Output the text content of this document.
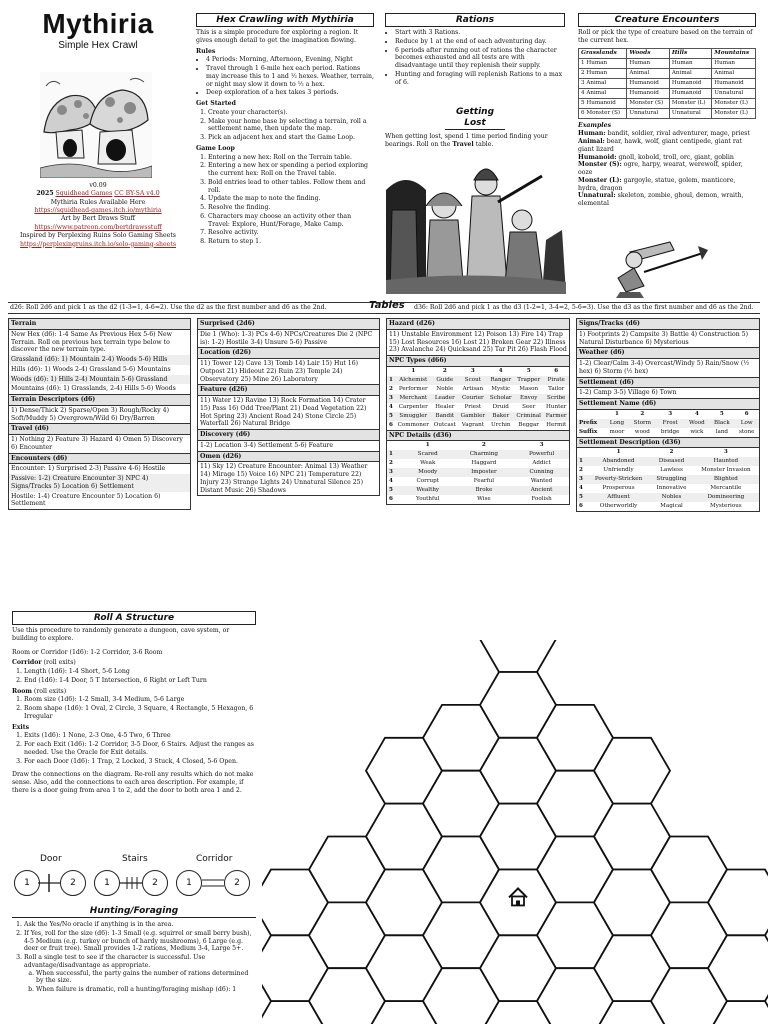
Mythiria
Simple Hex Crawl
v0.09
2025 Squidhead Games CC BY-SA v4.0
Mythiria Rules Available Here
https://squidhead-games.itch.io/mythiria
Art by Bert Draws Stuff
https://www.patreon.com/bertdrawsstuff
Inspired by Perplexing Ruins Solo Gaming Sheets
https://perplexingruins.itch.io/solo-gaming-sheets
Hex Crawling with Mythiria

This is a simple procedure for exploring a region. It gives enough detail to get the imagination flowing.

Rules
• 4 Periods: Morning, Afternoon, Evening, Night
• Travel through 1 6-mile hex each period. Rations may increase this to 1 and ½ hexes. Weather, terrain, or night may slow it down to ½ a hex.
• Deep exploration of a hex takes 3 periods.
Get Started
1. Create your character(s).
2. Make your home base by selecting a terrain, roll a settlement name, then update the map.
3. Pick an adjacent hex and start the Game Loop.
Game Loop
1. Entering a new hex: Roll on the Terrain table.
2. Entering a new hex or spending a period exploring the current hex: Roll on the Travel table.
3. Bold entries lead to other tables. Follow them and roll.
4. Update the map to note the finding.
5. Resolve the finding.
6. Characters may choose an activity other than Travel: Explore, Hunt/Forage, Make Camp.
7. Resolve activity.
8. Return to step 1.
Rations
• Start with 3 Rations.
• Reduce by 1 at the end of each adventuring day.
• 6 periods after running out of rations the character becomes exhausted and all tests are with disadvantage until they replenish their supply.
• Hunting and foraging will replenish Rations to a max of 6.
Getting Lost

When getting lost, spend 1 time period finding your bearings. Roll on the Travel table.

Creature Encounters

Roll or pick the type of creature based on the terrain of the current hex.

Grasslands	Woods	Hills	Mountains
1 Human	Human	Human	Human
2 Human	Animal	Animal	Animal
3 Animal	Humanoid	Humanoid	Humanoid
4 Animal	Humanoid	Humanoid	Unnatural
5 Humanoid	Monster (S)	Monster (L)	Monster (L)
6 Monster (S)	Unnatural	Unnatural	Monster (L)
Examples
Human: bandit, soldier, rival adventurer, mage, priest
Animal: bear, hawk, wolf, giant centipede, giant rat giant lizard
Humanoid: gnoll, kobold, troll, orc, giant, goblin
Monster (S): ogre, harpy, wearat, werewolf, spider, ooze
Monster (L): gargoyle, statue, golem, manticore, hydra, dragon
Unnatural: skeleton, zombie, ghoul, demon, wraith, elemental
d26: Roll 2d6 and pick 1 as the d2 (1-3=1, 4-6=2). Use the d2 as the first number and d6 as the 2nd.	Tables d36: Roll 2d6 and pick 1 as the d3 (1-2=1, 3-4=2, 5-6=3). Use the d3 as the first number and d6 as the 2nd.
Terrain
New Hex (d6): 1-4 Same As Previous Hex 5-6) New Terrain. Roll on previous hex terrain type below to discover the new terrain type.
Grassland (d6): 1) Mountain 2-4) Woods 5-6) Hills
Hills (d6): 1) Woods 2-4) Grassland 5-6) Mountains
Woods (d6): 1) Hills 2-4) Mountain 5-6) Grassland
Mountains (d6): 1) Grasslands, 2-4) Hills 5-6) Woods
Terrain Descriptors (d6)
1) Dense/Thick 2) Sparse/Open 3) Rough/Rocky 4) Soft/Muddy 5) Overgrown/Wild 6) Dry/Barren
Travel (d6)
1) Nothing 2) Feature 3) Hazard 4) Omen 5) Discovery 6) Encounter
Encounters (d6)
Encounter: 1) Surprised 2-3) Passive 4-6) Hostile
Passive: 1-2) Creature Encounter 3) NPC 4) Signs/Tracks 5) Location 6) Settlement
Hostile: 1-4) Creature Encounter 5) Location 6) Settlement
Surprised (2d6)
Die 1 (Who): 1-3) PCs 4-6) NPCs/Creatures Die 2 (NPC is): 1-2) Hostile 3-4) Unsure 5-6) Passive
Location (d26)
11) Tower 12) Cave 13) Tomb 14) Lair 15) Hut 16) Outpost 21) Hideout 22) Ruin 23) Temple 24) Observatory 25) Mine 26) Laboratory
Feature (d26)
11) Water 12) Ravine 13) Rock Formation 14) Crater 15) Pass 16) Odd Tree/Plant 21) Dead Vegetation 22) Hot Spring 23) Ancient Road 24) Stone Circle 25) Waterfall 26) Natural Bridge
Discovery (d6)
1-2) Location 3-4) Settlement 5-6) Feature
Omen (d26)
11) Sky 12) Creature Encounter: Animal 13) Weather 14) Mirage 15) Voice 16) NPC 21) Temperature 22) Injury 23) Strange Lights 24) Unnatural Silence 25) Distant Music 26) Shadows
Hazard (d26)
11) Unstable Environment 12) Poison 13) Fire 14) Trap 15) Lost Resources 16) Lost 21) Broken Gear 22) Illness 23) Avalanche 24) Quicksand 25) Tar Pit 26) Flash Flood
NPC Types (d66)
	1	2	3	4	5	6
1	Alchemist	Guide	Scout	Ranger	Trapper	Pirate
2	Performer	Noble	Artisan	Mystic	Mason	Tailor
3	Merchant	Leader	Courier	Scholar	Envoy	Scribe
4	Carpenter	Healer	Priest	Druid	Seer	Hunter
5	Smuggler	Bandit	Gambler	Baker	Criminal	Farmer
6	Commoner	Outcast	Vagrant	Urchin	Beggar	Hermit
NPC Details (d36)
	1	2	3
1	Scared	Charming	Powerful
2	Weak	Haggard	Addict
3	Moody	Imposter	Cunning
4	Corrupt	Fearful	Wanted
5	Wealthy	Broke	Ancient
6	Youthful	Wise	Foolish
Signs/Tracks (d6)
1) Footprints 2) Campsite 3) Battle 4) Construction 5) Natural Disturbance 6) Mysterious
Weather (d6)
1-2) Clear/Calm 3-4) Overcast/Windy 5) Rain/Snow (½ hex) 6) Storm (½ hex)
Settlement (d6)
1-2) Camp 3-5) Village 6) Town
Settlement Name (d6)
	1	2	3	4	5	6
Prefix	Long	Storm	Frost	Wood	Black	Low
Suffix	moor	wood	bridge	wick	land	stone
Settlement Description (d36)
	1	2	3
1	Abandoned	Diseased	Haunted
2	Unfriendly	Lawless	Monster Invasion
3	Poverty-Stricken	Struggling	Blighted
4	Prosperous	Innovative	Mercantile
5	Affluent	Nobles	Domineering
6	Otherworldly	Magical	Mysterious
Roll A Structure

Use this procedure to randomly generate a dungeon, cave system, or building to explore.

Room or Corridor (1d6): 1-2 Corridor, 3-6 Room

Corridor (roll exits)
1. Length (1d6): 1-4 Short, 5-6 Long
2. End (1d6): 1-4 Door, 5 T Intersection, 6 Right or Left Turn
Room (roll exits)
1. Room size (1d6): 1-2 Small, 3-4 Medium, 5-6 Large
2. Room shape (1d6): 1 Oval, 2 Circle, 3 Square, 4 Rectangle, 5 Hexagon, 6 Irregular
Exits
1. Exits (1d6): 1 None, 2-3 One, 4-5 Two, 6 Three
2. For each Exit (1d6): 1-2 Corridor, 3-5 Door, 6 Stairs. Adjust the ranges as needed. Use the Oracle for Exit details.
3. For each Door (1d6): 1 Trap, 2 Locked, 3 Stuck, 4 Closed, 5-6 Open.

Draw the connections on the diagram. Re-roll any results which do not make sense. Also, add the connections to each area description. For example, if there is a door going from area 1 to 2, add the door to both area 1 and 2.

Door	Stairs	Corridor
1	2	1	2	1	2
Hunting/Foraging
1. Ask the Yes/No oracle if anything is in the area.
2. If Yes, roll for the size (d6): 1-3 Small (e.g. squirrel or small berry bush), 4-5 Medium (e.g. turkey or bunch of hardy mushrooms), 6 Large (e.g. deer or fruit tree). Small provides 1-2 rations, Medium 3-4, Large 5+.
3. Roll a single test to see if the character is successful. Use advantage/disadvantage as appropriate.
a. When successful, the party gains the number of rations determined by the size.
b. When failure is dramatic, roll a hunting/foraging mishap (d6): 1
